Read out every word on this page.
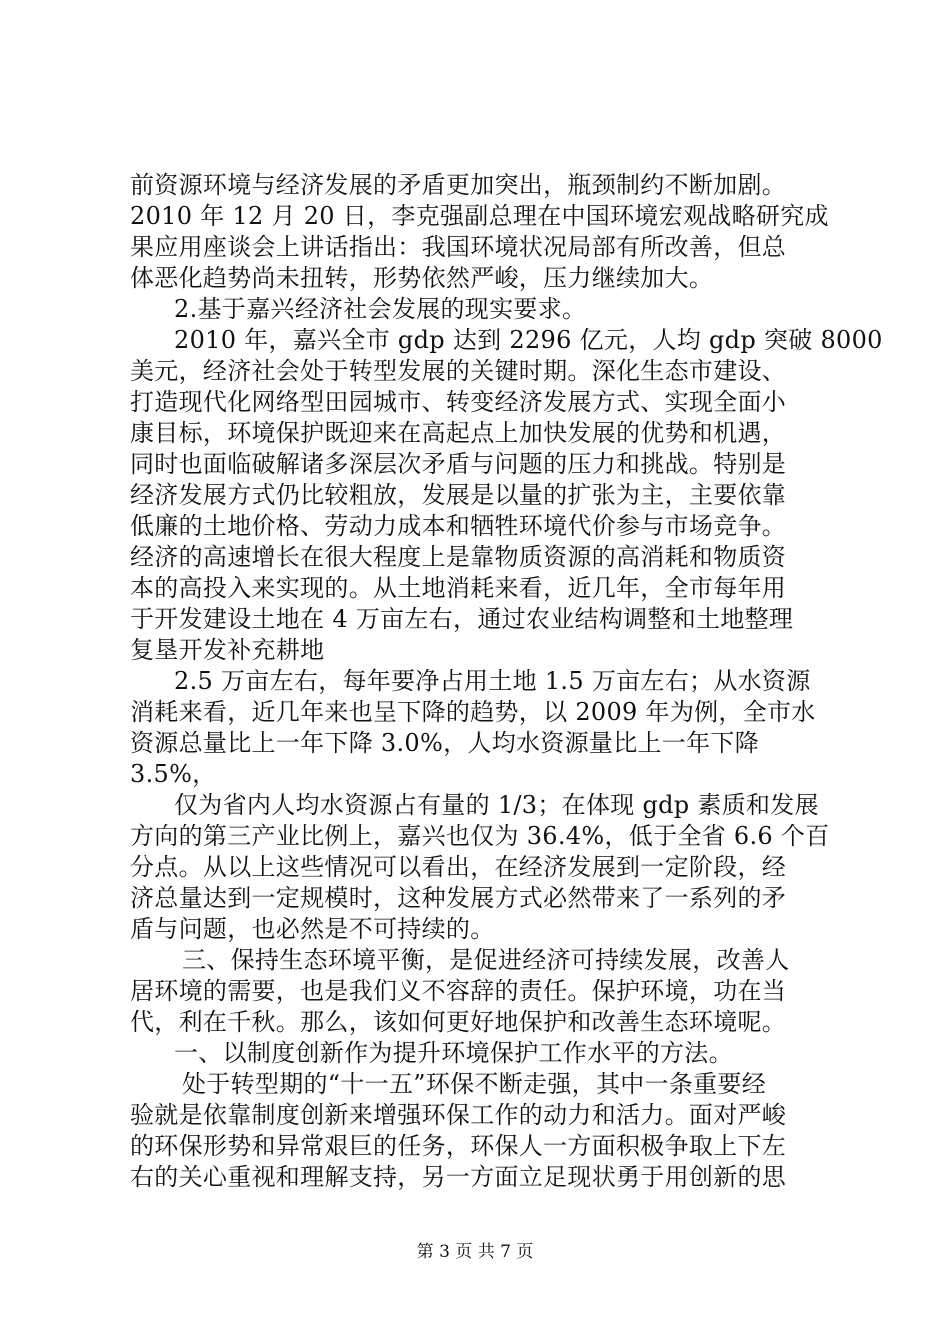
前资源环境与经济发展的矛盾更加突出，瓶颈制约不断加剧。
2010 年 12 月 20 日，李克强副总理在中国环境宏观战略研究成
果应用座谈会上讲话指出：我国环境状况局部有所改善，但总
体恶化趋势尚未扭转，形势依然严峻，压力继续加大。
2.基于嘉兴经济社会发展的现实要求。
2010 年，嘉兴全市 gdp 达到 2296 亿元，人均 gdp 突破 8000
美元，经济社会处于转型发展的关键时期。深化生态市建设、
打造现代化网络型田园城市、转变经济发展方式、实现全面小
康目标，环境保护既迎来在高起点上加快发展的优势和机遇，
同时也面临破解诸多深层次矛盾与问题的压力和挑战。特别是
经济发展方式仍比较粗放，发展是以量的扩张为主，主要依靠
低廉的土地价格、劳动力成本和牺牲环境代价参与市场竞争。
经济的高速增长在很大程度上是靠物质资源的高消耗和物质资
本的高投入来实现的。从土地消耗来看，近几年，全市每年用
于开发建设土地在 4 万亩左右，通过农业结构调整和土地整理
复垦开发补充耕地
2.5 万亩左右，每年要净占用土地 1.5 万亩左右；从水资源
消耗来看，近几年来也呈下降的趋势，以 2009 年为例，全市水
资源总量比上一年下降 3.0%，人均水资源量比上一年下降
3.5%，
仅为省内人均水资源占有量的 1/3；在体现 gdp 素质和发展
方向的第三产业比例上，嘉兴也仅为 36.4%，低于全省 6.6 个百
分点。从以上这些情况可以看出，在经济发展到一定阶段，经
济总量达到一定规模时，这种发展方式必然带来了一系列的矛
盾与问题，也必然是不可持续的。
三、保持生态环境平衡，是促进经济可持续发展，改善人
居环境的需要，也是我们义不容辞的责任。保护环境，功在当
代，利在千秋。那么，该如何更好地保护和改善生态环境呢。
一、以制度创新作为提升环境保护工作水平的方法。
处于转型期的“十一五”环保不断走强，其中一条重要经
验就是依靠制度创新来增强环保工作的动力和活力。面对严峻
的环保形势和异常艰巨的任务，环保人一方面积极争取上下左
右的关心重视和理解支持，另一方面立足现状勇于用创新的思
第 3 页 共 7 页
